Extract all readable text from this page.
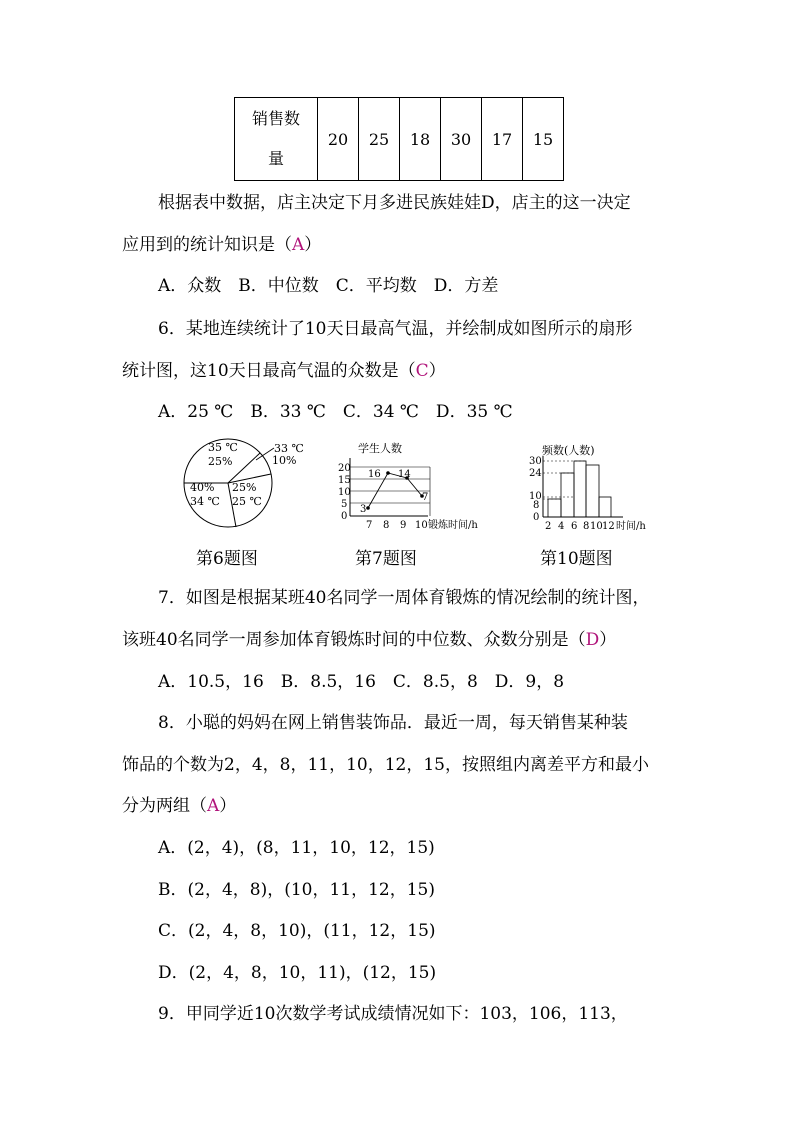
销售数
量
	20	25	18	30	17	15
根据表中数据，店主决定下月多进民族娃娃D，店主的这一决定
应用到的统计知识是（A）
A．众数　B．中位数　C．平均数　D．方差
6．某地连续统计了10天日最高气温，并绘制成如图所示的扇形
统计图，这10天日最高气温的众数是（C）
A．25 ℃　B．33 ℃　C．34 ℃　D．35 ℃
35 ℃
25%
33 ℃
10%
25%
25 ℃
40%
34 ℃
学生人数
20
15
10
5
0
3
16 14
7
7 8 9 10 锻炼时间/h
频数(人数)
30
24
10
8
0
2 4 6 8 10 12 时间/h
第6题图	第7题图	第10题图
7．如图是根据某班40名同学一周体育锻炼的情况绘制的统计图，
该班40名同学一周参加体育锻炼时间的中位数、众数分别是（D）
A．10.5，16　B．8.5，16　C．8.5，8　D．9，8
8．小聪的妈妈在网上销售装饰品．最近一周，每天销售某种装
饰品的个数为2，4，8，11，10，12，15，按照组内离差平方和最小
分为两组（A）
A．(2，4)，(8，11，10，12，15)
B．(2，4，8)，(10，11，12，15)
C．(2，4，8，10)，(11，12，15)
D．(2，4，8，10，11)，(12，15)
9．甲同学近10次数学考试成绩情况如下：103，106，113，
